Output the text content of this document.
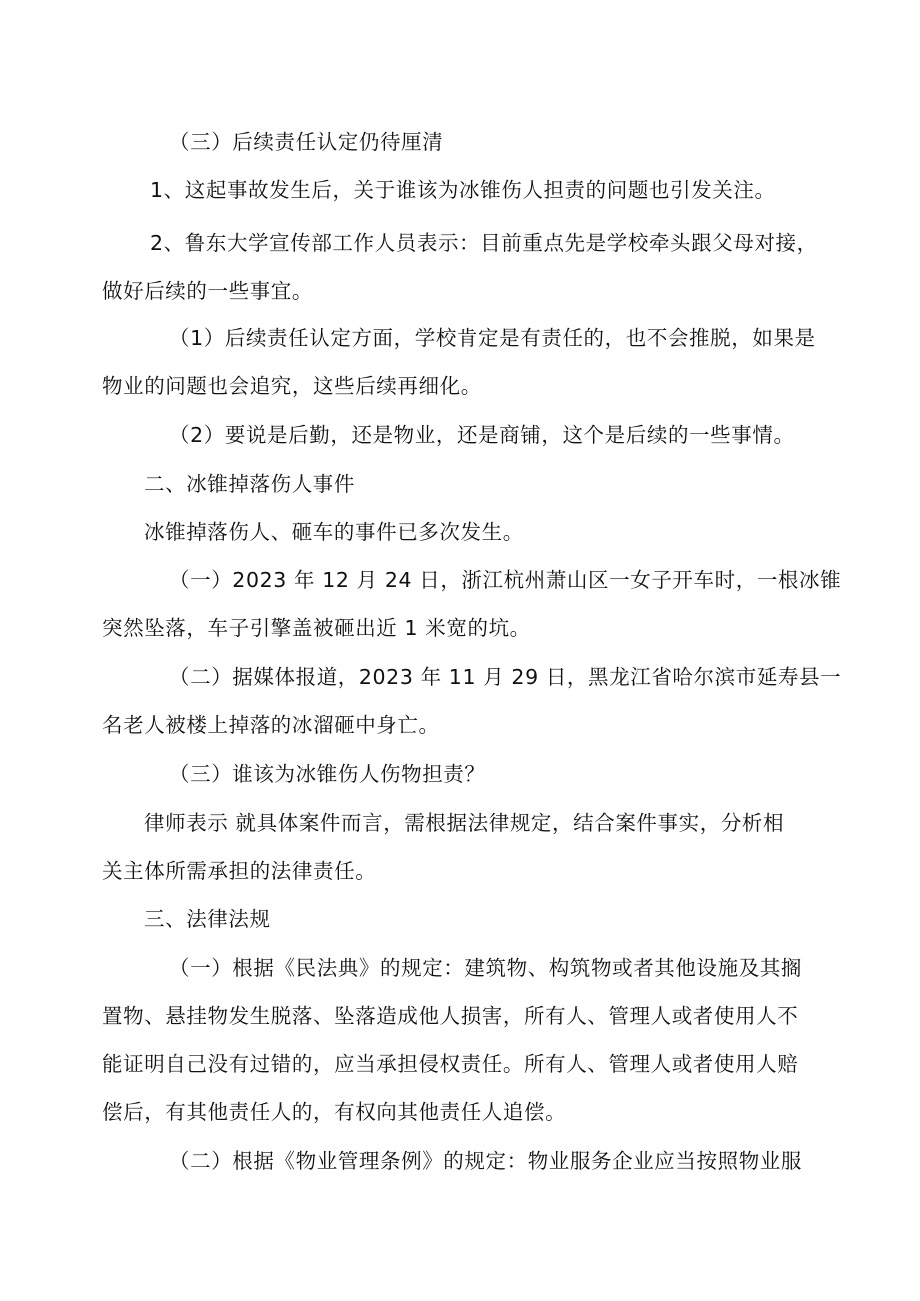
（三）后续责任认定仍待厘清

1、这起事故发生后，关于谁该为冰锥伤人担责的问题也引发关注。

2、鲁东大学宣传部工作人员表示：目前重点先是学校牵头跟父母对接，
做好后续的一些事宜。

（1）后续责任认定方面，学校肯定是有责任的，也不会推脱，如果是
物业的问题也会追究，这些后续再细化。

（2）要说是后勤，还是物业，还是商铺，这个是后续的一些事情。

二、冰锥掉落伤人事件

冰锥掉落伤人、砸车的事件已多次发生。

（一）2023 年 12 月 24 日，浙江杭州萧山区一女子开车时，一根冰锥
突然坠落，车子引擎盖被砸出近 1 米宽的坑。

（二）据媒体报道，2023 年 11 月 29 日，黑龙江省哈尔滨市延寿县一
名老人被楼上掉落的冰溜砸中身亡。

（三）谁该为冰锥伤人伤物担责？

律师表示 就具体案件而言，需根据法律规定，结合案件事实，分析相
关主体所需承担的法律责任。

三、法律法规

（一）根据《民法典》的规定：建筑物、构筑物或者其他设施及其搁
置物、悬挂物发生脱落、坠落造成他人损害，所有人、管理人或者使用人不
能证明自己没有过错的，应当承担侵权责任。所有人、管理人或者使用人赔
偿后，有其他责任人的，有权向其他责任人追偿。

（二）根据《物业管理条例》的规定：物业服务企业应当按照物业服
